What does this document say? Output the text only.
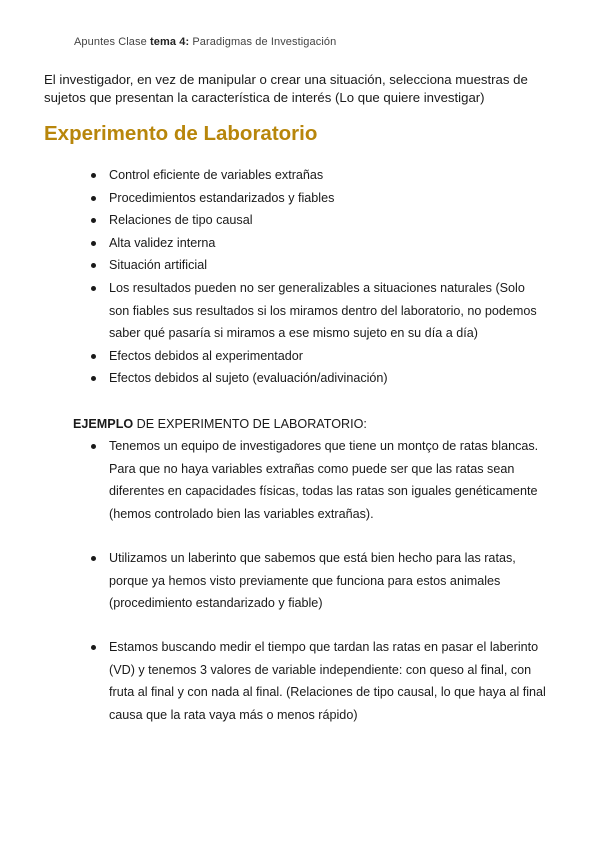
Apuntes Clase tema 4: Paradigmas de Investigación
El investigador, en vez de manipular o crear una situación, selecciona muestras de sujetos que presentan la característica de interés (Lo que quiere investigar)
Experimento de Laboratorio
Control eficiente de variables extrañas
Procedimientos estandarizados y fiables
Relaciones de tipo causal
Alta validez interna
Situación artificial
Los resultados pueden no ser generalizables a situaciones naturales (Solo son fiables sus resultados si los miramos dentro del laboratorio, no podemos saber qué pasaría si miramos a ese mismo sujeto en su día a día)
Efectos debidos al experimentador
Efectos debidos al sujeto (evaluación/adivinación)
EJEMPLO DE EXPERIMENTO DE LABORATORIO:
Tenemos un equipo de investigadores que tiene un montço de ratas blancas. Para que no haya variables extrañas como puede ser que las ratas sean diferentes en capacidades físicas, todas las ratas son iguales genéticamente (hemos controlado bien las variables extrañas).
Utilizamos un laberinto que sabemos que está bien hecho para las ratas, porque ya hemos visto previamente que funciona para estos animales (procedimiento estandarizado y fiable)
Estamos buscando medir el tiempo que tardan las ratas en pasar el laberinto (VD) y tenemos 3 valores de variable independiente: con queso al final, con fruta al final y con nada al final. (Relaciones de tipo causal, lo que haya al final causa que la rata vaya más o menos rápido)
